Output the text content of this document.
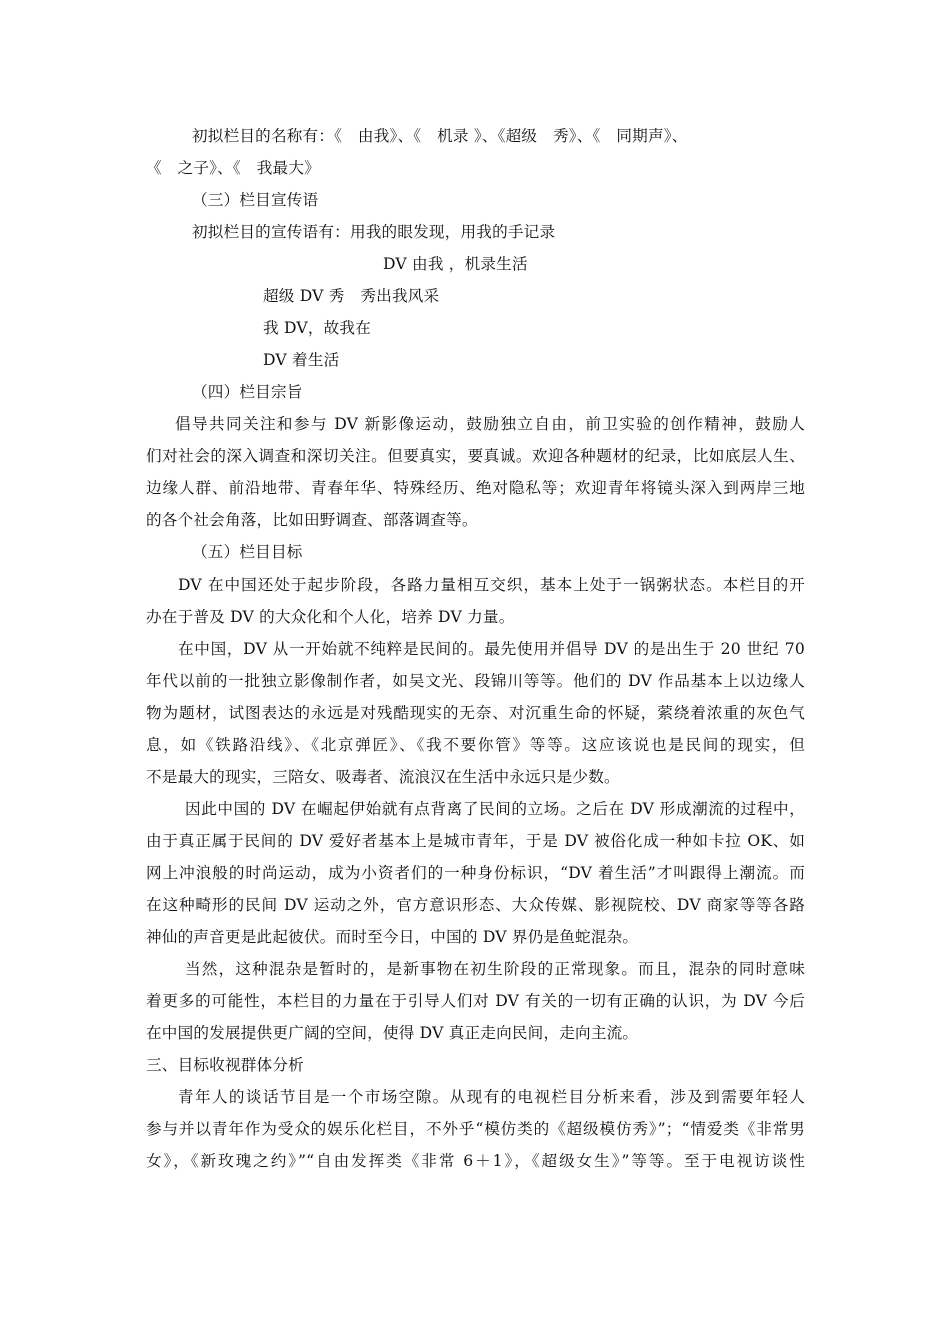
初拟栏目的名称有：《　由我》、《　机录 》、《超级　秀》、《　同期声》、
《　之子》、《　我最大》
（三）栏目宣传语
初拟栏目的宣传语有：用我的眼发现，用我的手记录
DV 由我 ，机录生活
超级 DV 秀　秀出我风采
我 DV，故我在
DV 着生活
（四）栏目宗旨
倡导共同关注和参与 DV 新影像运动，鼓励独立自由，前卫实验的创作精神，鼓励人
们对社会的深入调查和深切关注。但要真实，要真诚。欢迎各种题材的纪录，比如底层人生、
边缘人群、前沿地带、青春年华、特殊经历、绝对隐私等；欢迎青年将镜头深入到两岸三地
的各个社会角落，比如田野调查、部落调查等。
（五）栏目目标
DV 在中国还处于起步阶段，各路力量相互交织，基本上处于一锅粥状态。本栏目的开
办在于普及 DV 的大众化和个人化，培养 DV 力量。
在中国，DV 从一开始就不纯粹是民间的。最先使用并倡导 DV 的是出生于 20 世纪 70
年代以前的一批独立影像制作者，如吴文光、段锦川等等。他们的 DV 作品基本上以边缘人
物为题材，试图表达的永远是对残酷现实的无奈、对沉重生命的怀疑，萦绕着浓重的灰色气
息，如《铁路沿线》、《北京弹匠》、《我不要你管》等等。这应该说也是民间的现实，但
不是最大的现实，三陪女、吸毒者、流浪汉在生活中永远只是少数。
因此中国的 DV 在崛起伊始就有点背离了民间的立场。之后在 DV 形成潮流的过程中，
由于真正属于民间的 DV 爱好者基本上是城市青年，于是 DV 被俗化成一种如卡拉 OK、如
网上冲浪般的时尚运动，成为小资者们的一种身份标识，“DV 着生活”才叫跟得上潮流。而
在这种畸形的民间 DV 运动之外，官方意识形态、大众传媒、影视院校、DV 商家等等各路
神仙的声音更是此起彼伏。而时至今日，中国的 DV 界仍是鱼蛇混杂。
当然，这种混杂是暂时的，是新事物在初生阶段的正常现象。而且，混杂的同时意味
着更多的可能性，本栏目的力量在于引导人们对 DV 有关的一切有正确的认识，为 DV 今后
在中国的发展提供更广阔的空间，使得 DV 真正走向民间，走向主流。
三、目标收视群体分析
青年人的谈话节目是一个市场空隙。从现有的电视栏目分析来看，涉及到需要年轻人
参与并以青年作为受众的娱乐化栏目，不外乎“模仿类的《超级模仿秀》”；“情爱类《非常男
女》，《新玫瑰之约》”“自由发挥类《非常 6＋1》，《超级女生》”等等。至于电视访谈性
